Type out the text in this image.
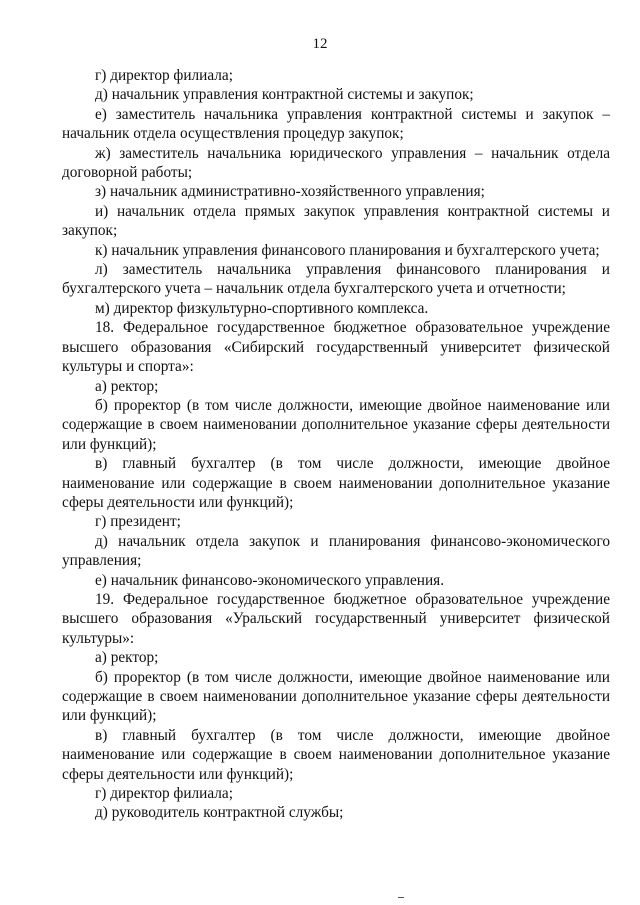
12

г) директор филиала;

д) начальник управления контрактной системы и закупок;

е) заместитель начальника управления контрактной системы и закупок – начальник отдела осуществления процедур закупок;

ж) заместитель начальника юридического управления – начальник отдела договорной работы;

з) начальник административно-хозяйственного управления;

и) начальник отдела прямых закупок управления контрактной системы и закупок;

к) начальник управления финансового планирования и бухгалтерского учета;

л) заместитель начальника управления финансового планирования и бухгалтерского учета – начальник отдела бухгалтерского учета и отчетности;

м) директор физкультурно-спортивного комплекса.

18. Федеральное государственное бюджетное образовательное учреждение высшего образования «Сибирский государственный университет физической культуры и спорта»:

а) ректор;

б) проректор (в том числе должности, имеющие двойное наименование или содержащие в своем наименовании дополнительное указание сферы деятельности или функций);

в) главный бухгалтер (в том числе должности, имеющие двойное наименование или содержащие в своем наименовании дополнительное указание сферы деятельности или функций);

г) президент;

д) начальник отдела закупок и планирования финансово-экономического управления;

е) начальник финансово-экономического управления.

19. Федеральное государственное бюджетное образовательное учреждение высшего образования «Уральский государственный университет физической культуры»:

а) ректор;

б) проректор (в том числе должности, имеющие двойное наименование или содержащие в своем наименовании дополнительное указание сферы деятельности или функций);

в) главный бухгалтер (в том числе должности, имеющие двойное наименование или содержащие в своем наименовании дополнительное указание сферы деятельности или функций);

г) директор филиала;

д) руководитель контрактной службы;
